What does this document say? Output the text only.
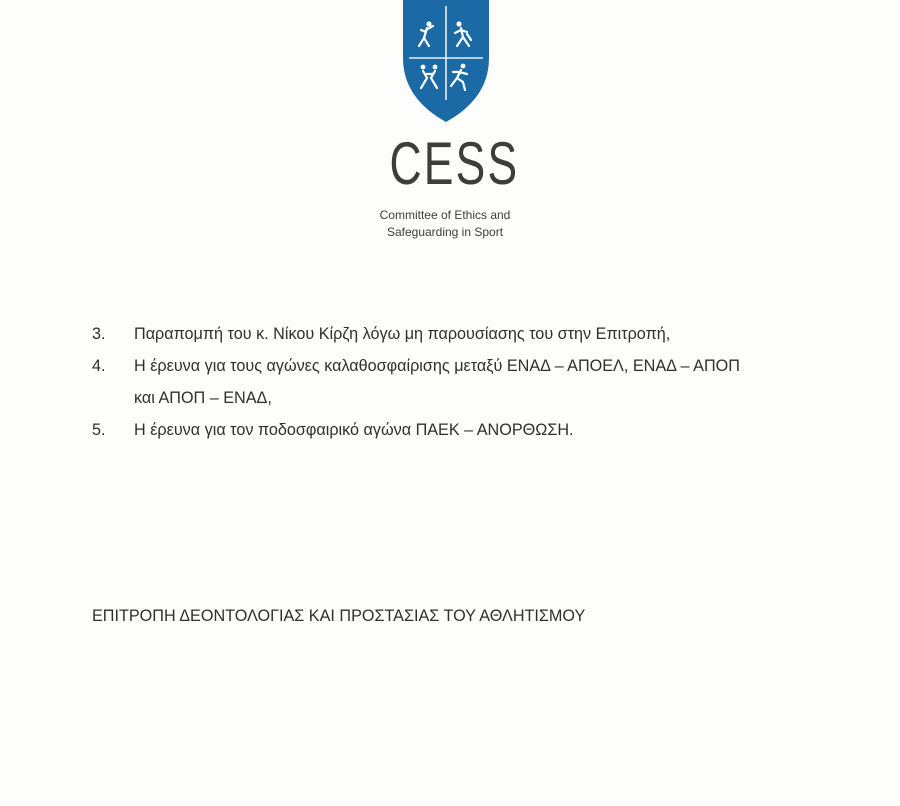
CESS
Committee of Ethics and
Safeguarding in Sport
3.	Παραπομπή του κ. Νίκου Κίρζη λόγω μη παρουσίασης του στην Επιτροπή,
4.	Η έρευνα για τους αγώνες καλαθοσφαίρισης μεταξύ ΕΝΑΔ – ΑΠΟΕΛ, ΕΝΑΔ – ΑΠΟΠ
και ΑΠΟΠ – ΕΝΑΔ,
5.	Η έρευνα για τον ποδοσφαιρικό αγώνα ΠΑΕΚ – ΑΝΟΡΘΩΣΗ.
ΕΠΙΤΡΟΠΗ ΔΕΟΝΤΟΛΟΓΙΑΣ ΚΑΙ ΠΡΟΣΤΑΣΙΑΣ ΤΟΥ ΑΘΛΗΤΙΣΜΟΥ
